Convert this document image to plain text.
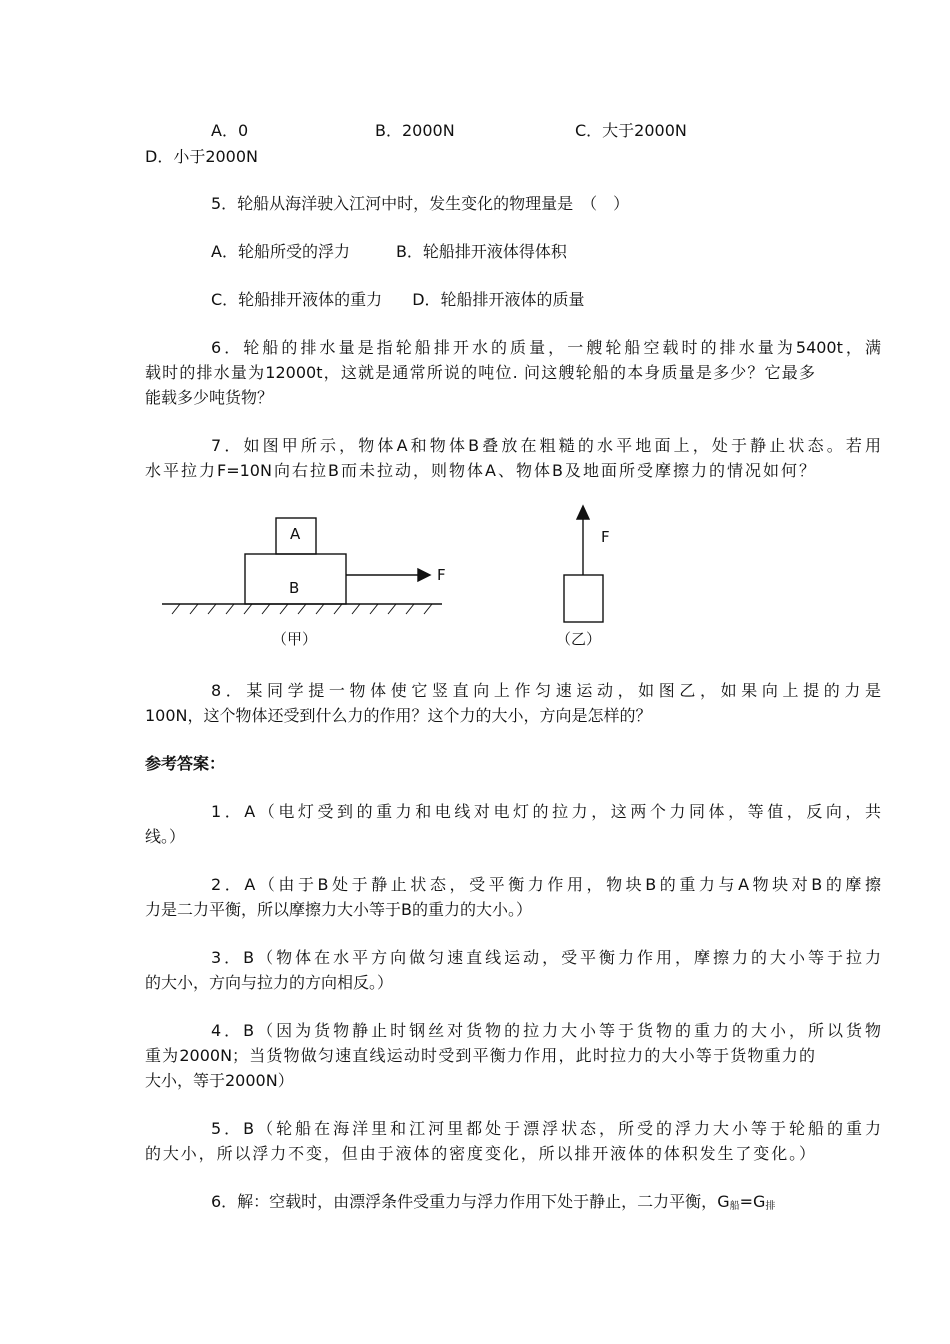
A．0	B．2000N	C．大于2000N
D．小于2000N
5．轮船从海洋驶入江河中时，发生变化的物理量是　（　）
A．轮船所受的浮力	B．轮船排开液体得体积
C．轮船排开液体的重力 D．轮船排开液体的质量
6．轮船的排水量是指轮船排开水的质量，一艘轮船空载时的排水量为5400t，满
载时的排水量为12000t，这就是通常所说的吨位. 问这艘轮船的本身质量是多少？它最多
能载多少吨货物？
7．如图甲所示，物体A和物体B叠放在粗糙的水平地面上，处于静止状态。若用
水平拉力F=10N向右拉B而未拉动，则物体A、物体B及地面所受摩擦力的情况如何？
A
B
F
F
（甲）	（乙）
8．某同学提一物体使它竖直向上作匀速运动，如图乙，如果向上提的力是
100N，这个物体还受到什么力的作用？这个力的大小，方向是怎样的？
参考答案：
1．A（电灯受到的重力和电线对电灯的拉力，这两个力同体，等值，反向，共
线。）
2．A（由于B处于静止状态，受平衡力作用，物块B的重力与A物块对B的摩擦
力是二力平衡，所以摩擦力大小等于B的重力的大小。）
3．B（物体在水平方向做匀速直线运动，受平衡力作用，摩擦力的大小等于拉力
的大小，方向与拉力的方向相反。）
4．B（因为货物静止时钢丝对货物的拉力大小等于货物的重力的大小，所以货物
重为2000N；当货物做匀速直线运动时受到平衡力作用，此时拉力的大小等于货物重力的
大小，等于2000N）
5．B（轮船在海洋里和江河里都处于漂浮状态，所受的浮力大小等于轮船的重力
的大小，所以浮力不变，但由于液体的密度变化，所以排开液体的体积发生了变化。）
6．解：空载时，由漂浮条件受重力与浮力作用下处于静止，二力平衡，$G_船=G_排$
